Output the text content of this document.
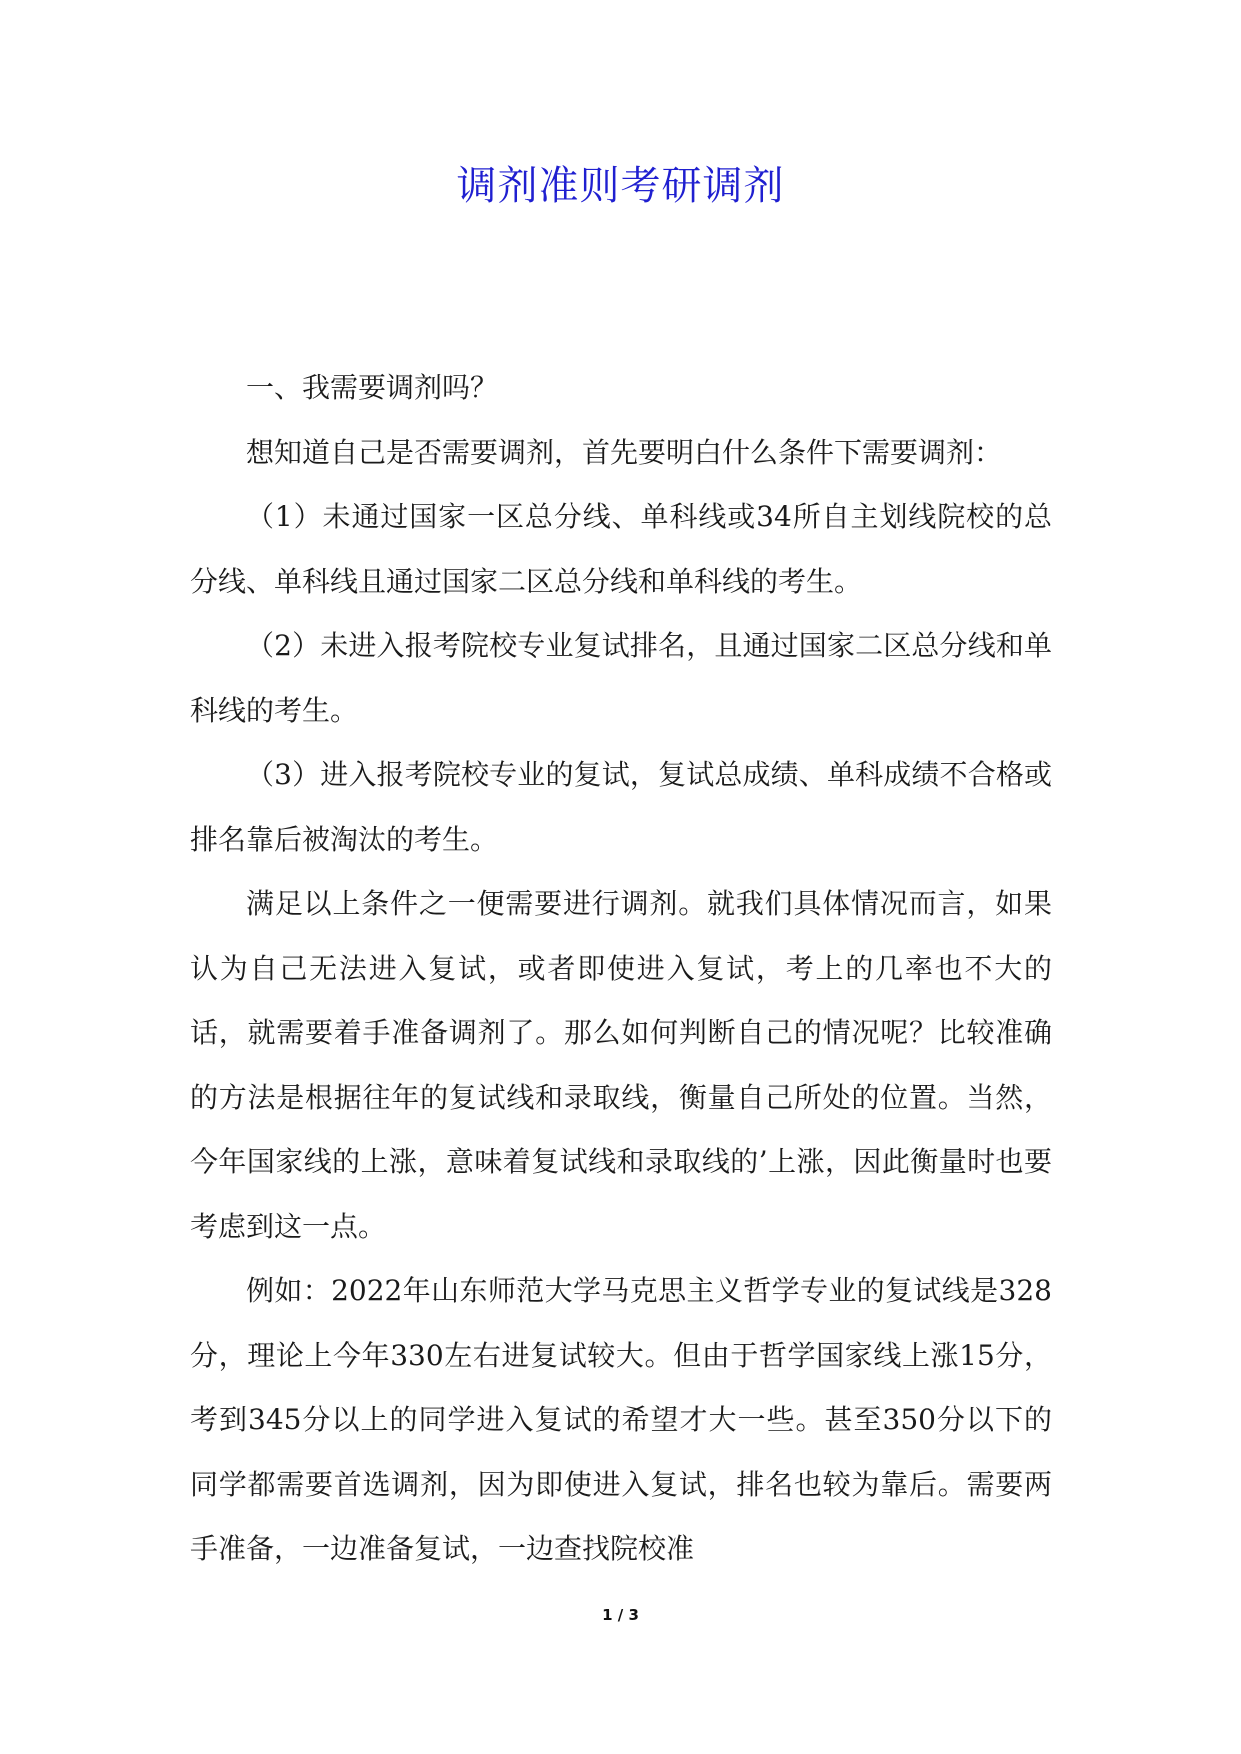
调剂准则考研调剂

一、我需要调剂吗？

想知道自己是否需要调剂，首先要明白什么条件下需要调剂：

（1）未通过国家一区总分线、单科线或34所自主划线院校的总分线、单科线且通过国家二区总分线和单科线的考生。

（2）未进入报考院校专业复试排名，且通过国家二区总分线和单科线的考生。

（3）进入报考院校专业的复试，复试总成绩、单科成绩不合格或排名靠后被淘汰的考生。

满足以上条件之一便需要进行调剂。就我们具体情况而言，如果认为自己无法进入复试，或者即使进入复试，考上的几率也不大的话，就需要着手准备调剂了。那么如何判断自己的情况呢？比较准确的方法是根据往年的复试线和录取线，衡量自己所处的位置。当然，今年国家线的上涨，意味着复试线和录取线的’上涨，因此衡量时也要考虑到这一点。

例如：2022年山东师范大学马克思主义哲学专业的复试线是328分，理论上今年330左右进复试较大。但由于哲学国家线上涨15分，考到345分以上的同学进入复试的希望才大一些。甚至350分以下的同学都需要首选调剂，因为即使进入复试，排名也较为靠后。需要两手准备，一边准备复试，一边查找院校准

1 / 3
